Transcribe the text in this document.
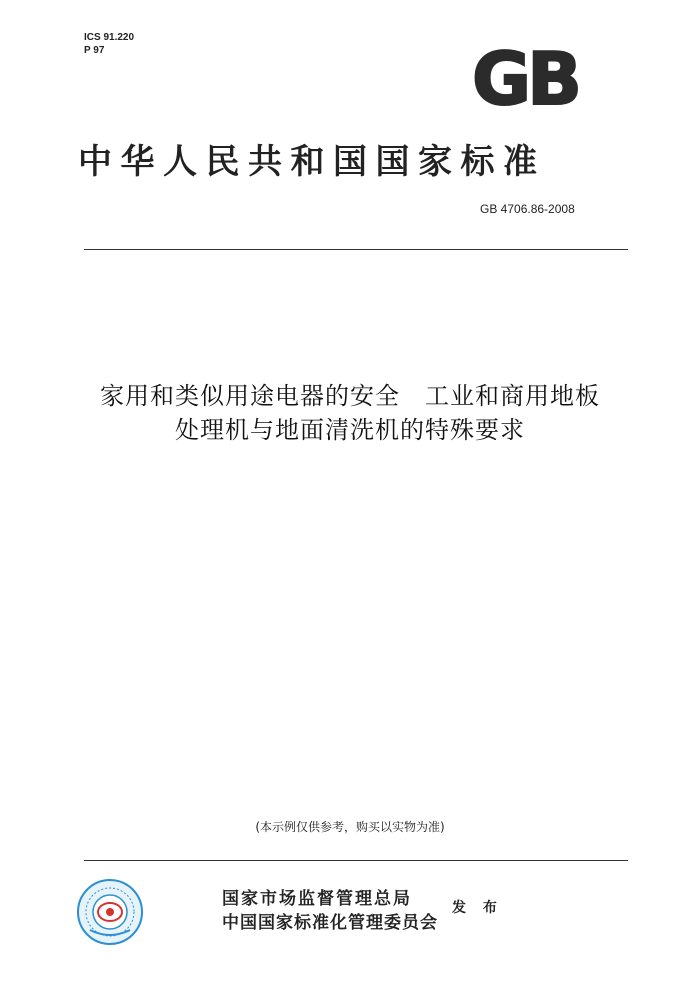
ICS 91.220
P 97	GB
中华人民共和国国家标准
GB 4706.86-2008
家用和类似用途电器的安全　工业和商用地板
处理机与地面清洗机的特殊要求
(本示例仅供参考，购买以实物为准)
国家市场监督管理总局
中国国家标准化管理委员会
发 布
